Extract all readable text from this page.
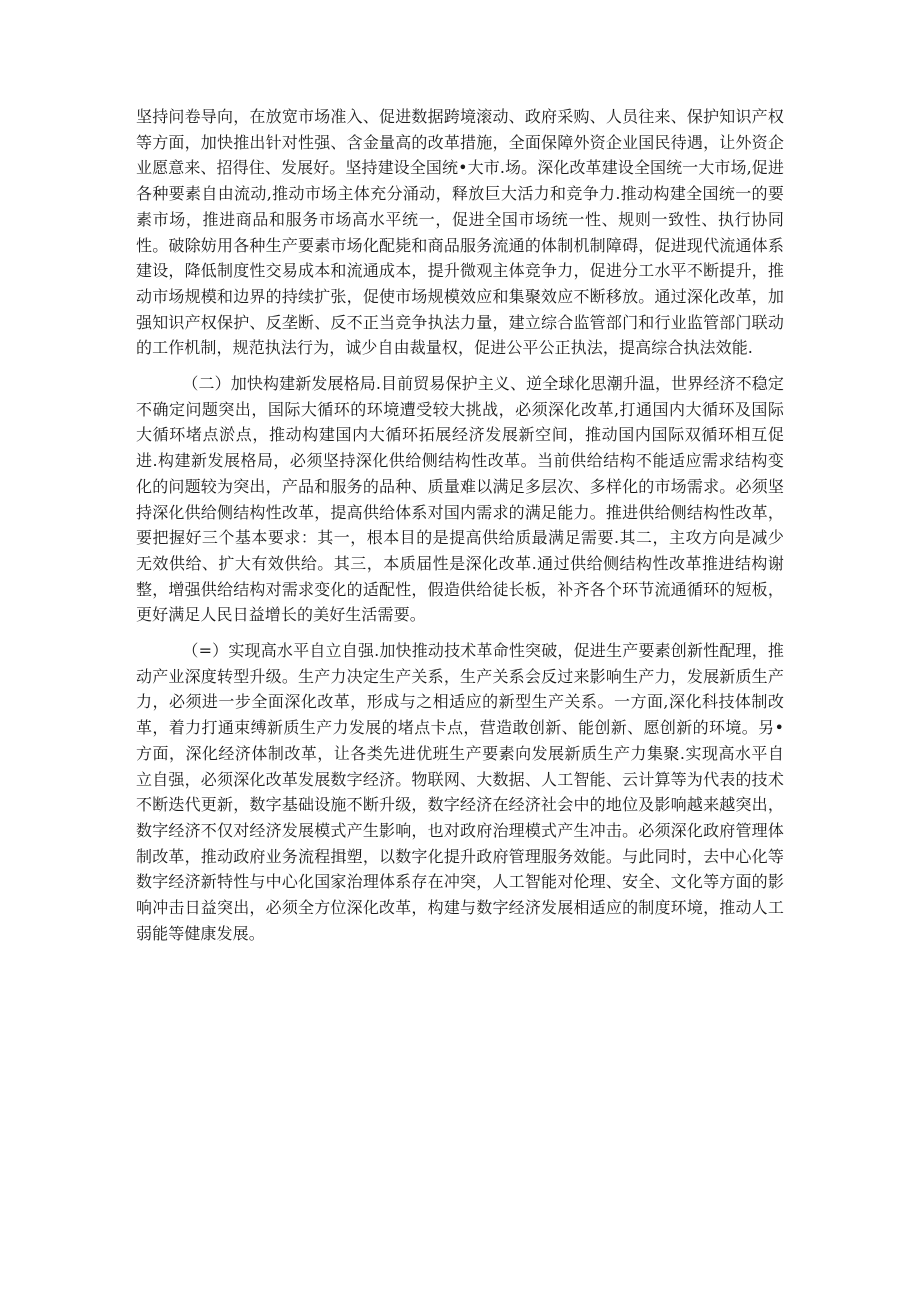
坚持问卷导向，在放宽市场准入、促进数据跨境滚动、政府采购、人员往来、保护知识产权等方面，加快推出针对性强、含金量高的改革措施，全面保障外资企业国民待遇，让外资企业愿意来、招得住、发展好。坚持建设全国统•大市.场。深化改革建设全国统一大市场,促进各种要素自由流动,推动市场主体充分涌动，释放巨大活力和竞争力.推动构建全国统一的要素市场，推进商品和服务市场高水平统一，促进全国市场统一性、规则一致性、执行协同性。破除妨用各种生产要素市场化配毙和商品服务流通的体制机制障碍，促进现代流通体系建设，降低制度性交易成本和流通成本，提升微观主体竞争力，促进分工水平不断提升，推动市场规模和边界的持续扩张，促使市场规模效应和集聚效应不断移放。通过深化改革，加强知识产权保护、反垄断、反不正当竞争执法力量，建立综合监管部门和行业监管部门联动的工作机制，规范执法行为，诚少自由裁量权，促进公平公正执法，提高综合执法效能.

（二）加快构建新发展格局.目前贸易保护主义、逆全球化思潮升温，世界经济不稳定不确定问题突出，国际大循环的环境遭受较大挑战，必须深化改革,打通国内大循环及国际大循环堵点淤点，推动构建国内大循环拓展经济发展新空间，推动国内国际双循环相互促进.构建新发展格局，必须坚持深化供给侧结构性改革。当前供给结构不能适应需求结构变化的问题较为突出，产品和服务的品种、质量难以满足多层次、多样化的市场需求。必须坚持深化供给侧结构性改革，提高供给体系对国内需求的满足能力。推进供给侧结构性改革，要把握好三个基本要求：其一，根本目的是提高供给质最满足需要.其二，主攻方向是减少无效供给、扩大有效供给。其三，本质届性是深化改革.通过供给侧结构性改革推进结构谢整，增强供给结构对需求变化的适配性，假造供给徒长板，补齐各个环节流通循环的短板，更好满足人民日益增长的美好生活需要。

（=）实现高水平自立自强.加快推动技术革命性突破，促进生产要素创新性配理，推动产业深度转型升级。生产力决定生产关系，生产关系会反过来影响生产力，发展新质生产力，必须进一步全面深化改革，形成与之相适应的新型生产关系。一方面,深化科技体制改革，着力打通束缚新质生产力发展的堵点卡点，营造敢创新、能创新、愿创新的环境。另•方面，深化经济体制改革，让各类先进优班生产要素向发展新质生产力集聚.实现高水平自立自强，必须深化改革发展数字经济。物联网、大数据、人工智能、云计算等为代表的技术不断迭代更新，数字基础设施不断升级，数字经济在经济社会中的地位及影响越来越突出，数字经济不仅对经济发展模式产生影响，也对政府治理模式产生冲击。必须深化政府管理体制改革，推动政府业务流程揖塑，以数字化提升政府管理服务效能。与此同时，去中心化等数字经济新特性与中心化国家治理体系存在冲突，人工智能对伦理、安全、文化等方面的影响冲击日益突出，必须全方位深化改革，构建与数字经济发展相适应的制度环境，推动人工弱能等健康发展。
